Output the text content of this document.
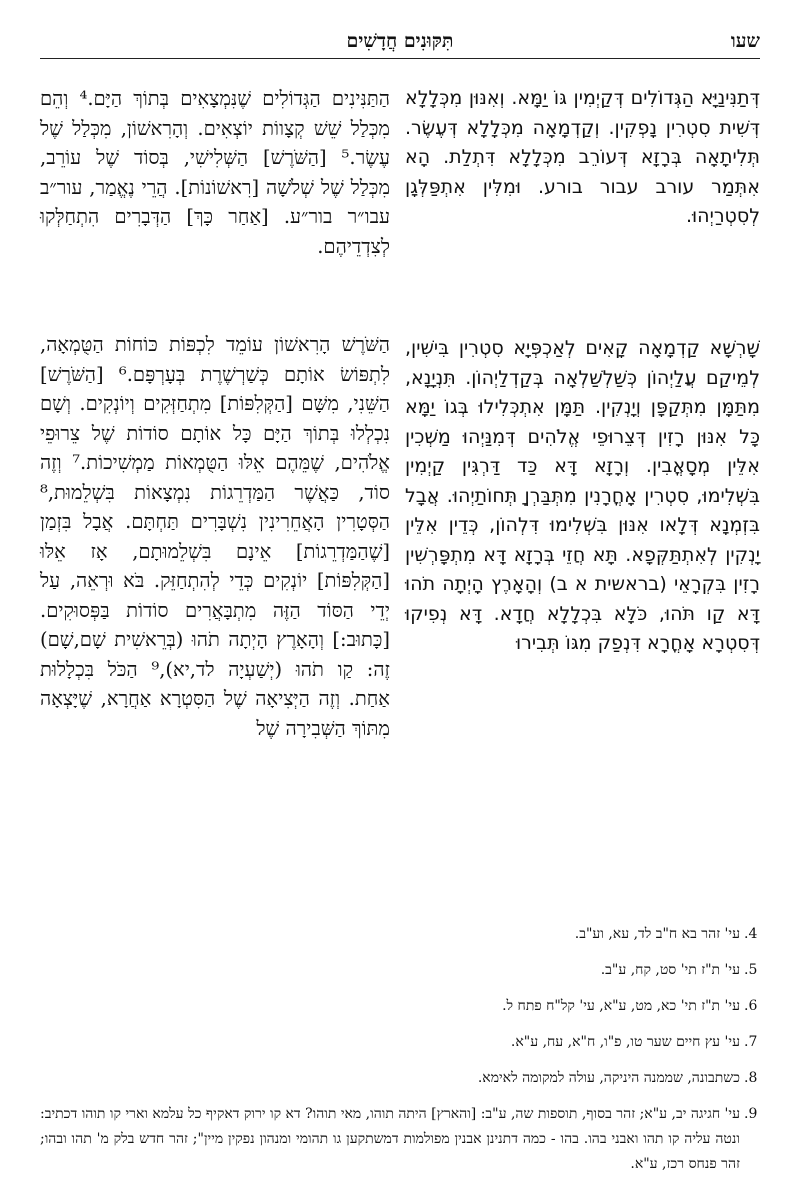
שעו
תִּקּוּנִים חֲדָשִׁים
דְּתַנִּינַיָּא הַגְּדוֹלִים דְּקַיְמִין גּוֹ יַמָּא. וְאִנּוּן מִכְּלָלָא דְּשִׁית סִטְרִין נָפְקִין. וְקַדְמָאָה מִכְּלָלָא דְּעֶשֶׂר. תְּלִיתָאָה בְּרָזָא דְּעוֹרֵב מִכְּלָלָא דִּתְלַת. הָא אִתְּמַר עורב עבור בורע. וּמִלִּין אִתְפַּלְּגָן לְסִטְרַיְהוּ.
הַתַּנִּינִים הַגְּדוֹלִים שֶׁנִּמְצָאִים בְּתוֹךְ הַיָּם.⁴ וְהֵם מִכְּלַל שֵׁשׁ קְצָווֹת יוֹצְאִים. וְהָרִאשׁוֹן, מִכְּלַל שֶׁל עֶשֶׂר.⁵ [הַשֹּׁרֶשׁ] הַשְּׁלִישִׁי, בְּסוֹד שֶׁל עוֹרֵב, מִכְּלַל שֶׁל שְׁלֹשָׁה [רִאשׁוֹנוֹת]. הֲרֵי נֶאֱמַר, עור״ב עבו״ר בור״ע. [אַחַר כָּךְ] הַדְּבָרִים הִתְחַלְּקוּ לְצִדְדֵיהֶם.
שָׁרְשָׁא קַדְמָאָה קָאִים לְאַכְפְּיָא סִטְרִין בִּישִׁין, לְמֵיקַם עֲלַיְהוֹן כְּשַׁלְשַׁלְאָה בְּקַדְלַיְהוֹן. תִּנְיָנָא, מִתַּמָּן מִתְּקַפָּן וְיָנְקִין. תַּמָּן אִתְכְּלִילוּ בְּגוֹ יַמָּא כָּל אִנּוּן רָזִין דְּצֵרוּפֵי אֱלֹהִים דְּמִנַּיְהוּ מַשְׁכִין אִלֵּין מְסָאֳבִין. וְרָזָא דָּא כַּד דַּרְגִּין קַיְמִין בִּשְׁלִימוּ, סִטְרִין אָחֳרָנִין מִתְּבַּרְןָ תְּחוֹתַיְהוּ. אֲבָל בִּזְמְנָא דְּלָאו אִנּוּן בִּשְׁלִימוּ דִּלְהוֹן, כְּדֵין אִלֵּין יָנְקִין לְאִתְתַּקְּפָא. תָּא חֲזֵי בְּרָזָא דָּא מִתְפָּרְשִׁין רָזִין בִּקְרָאֵי (בראשית א ב) וְהָאָרֶץ הָיְתָה תֹהוּ דָּא קַו תֹּהוּ, כֹּלָּא בִּכְלָלָא חֲדָא. דָּא נְפִיקוּ דְּסִטְרָא אָחֳרָא דִּנְפַק מִגּוֹ תְּבִירוּ
הַשֹּׁרֶשׁ הָרִאשׁוֹן עוֹמֵד לִכְפּוֹת כּוֹחוֹת הַטֻּמְאָה, לִתְפּוֹשׂ אוֹתָם כְּשַׁרְשֶׁרֶת בְּעָרְפָּם.⁶ [הַשֹּׁרֶשׁ] הַשֵּׁנִי, מִשָּׁם [הַקְּלִפּוֹת] מִתְחַזְּקִים וְיוֹנְקִים. וְשָׁם נִכְלְלוּ בְּתוֹךְ הַיָּם כָּל אוֹתָם סוֹדוֹת שֶׁל צֵרוּפֵי אֱלֹהִים, שֶׁמֵּהֶם אֵלּוּ הַטֻּמְאוֹת מַמְשִׁיכוֹת.⁷ וְזֶה סוֹד, כַּאֲשֶׁר הַמַּדְרֵגוֹת נִמְצָאוֹת בִּשְׁלֵמוּת,⁸ הַסְּטָרִין הָאֲחֵרִינִין נִשְׁבָּרִים תַּחְתָּם. אֲבָל בִּזְמַן [שֶׁהַמַּדְרֵגוֹת] אֵינָם בִּשְׁלֵמוּתָם, אָז אֵלּוּ [הַקְּלִפּוֹת] יוֹנְקִים כְּדֵי לְהִתְחַזֵּק. בֹּא וּרְאֵה, עַל יְדֵי הַסּוֹד הַזֶּה מִתְבָּאֲרִים סוֹדוֹת בַּפְּסוּקִים. [כָּתוּב:] וְהָאָרֶץ הָיְתָה תֹהוּ (בְּרֵאשִׁית שָׁם,שָׁם) זֶה: קַו תֹהוּ (יְשַׁעְיָה לד,יא),⁹ הַכֹּל בִּכְלָלוּת אַחַת. וְזֶה הַיְּצִיאָה שֶׁל הַסִּטְרָא אַחֲרָא, שֶׁיָּצְאָה מִתּוֹךְ הַשְּׁבִירָה שֶׁל
.4
עי' זהר בא ח"ב לד, עא, וע"ב.
.5
עי' ת"ז תי' סט, קח, ע"ב.
.6
עי' ת"ז תי' כא, מט, ע"א, עי' קל"ח פתח ל.
.7
עי' עץ חיים שער טו, פ"ו, ח"א, עח, ע"א.
.8
כשתבונה, שממנה היניקה, עולה למקומה לאימא.
.9
עי' חגיגה יב, ע"א; זהר בסוף, תוספות שה, ע"ב: [והארץ] היתה תוהו, מאי תוהו? דא קו ירוק דאקיף כל עלמא וארי קו תוהו דכתיב: ונטה עליה קו תהו ואבני בהו. בהו - כמה דתנינן אבנין מפולמות דמשתקען גו תהומי ומנהון נפקין מיין"; זהר חדש בלק מ' תהו ובהו; זהר פנחס רכז, ע"א.
